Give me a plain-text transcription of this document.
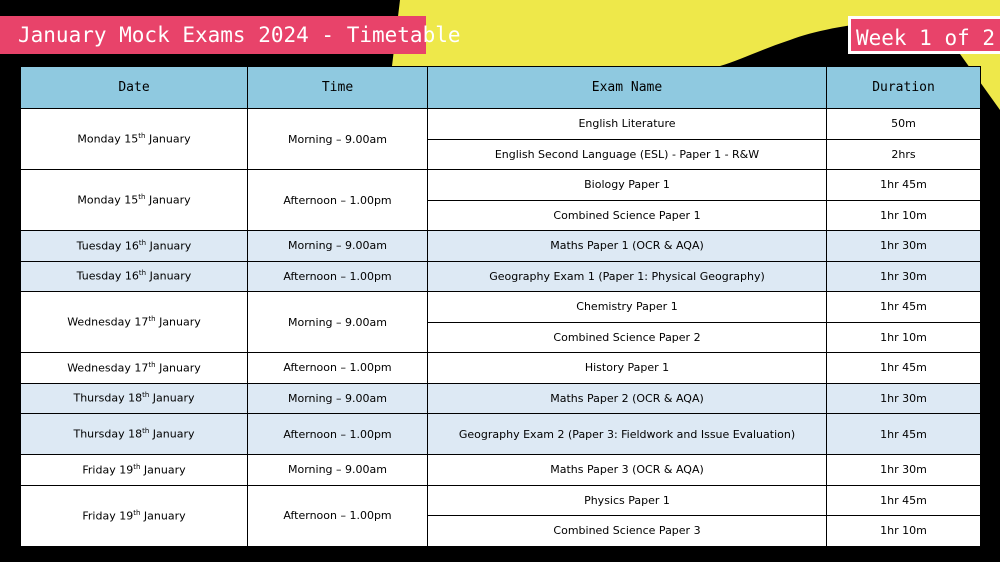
January Mock Exams 2024 - Timetable	Week 1 of 2
Date	Time	Exam Name	Duration
Monday 15th January	Morning – 9.00am	English Literature	50m
		English Second Language (ESL) - Paper 1 - R&W	2hrs
Monday 15th January	Afternoon – 1.00pm	Biology Paper 1	1hr 45m
		Combined Science Paper 1	1hr 10m
Tuesday 16th January	Morning – 9.00am	Maths Paper 1 (OCR & AQA)	1hr 30m
Tuesday 16th January	Afternoon – 1.00pm	Geography Exam 1 (Paper 1: Physical Geography)	1hr 30m
Wednesday 17th January	Morning – 9.00am	Chemistry Paper 1	1hr 45m
		Combined Science Paper 2	1hr 10m
Wednesday 17th January	Afternoon – 1.00pm	History Paper 1	1hr 45m
Thursday 18th January	Morning – 9.00am	Maths Paper 2 (OCR & AQA)	1hr 30m
Thursday 18th January	Afternoon – 1.00pm	Geography Exam 2 (Paper 3: Fieldwork and Issue Evaluation)	1hr 45m
Friday 19th January	Morning – 9.00am	Maths Paper 3 (OCR & AQA)	1hr 30m
Friday 19th January	Afternoon – 1.00pm	Physics Paper 1	1hr 45m
		Combined Science Paper 3	1hr 10m
